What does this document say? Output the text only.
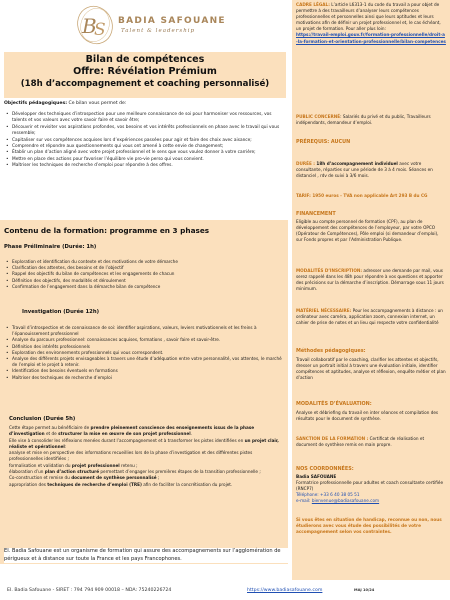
B
S BADIA SAFOUANE
Talent & leadership
Bilan de compétences
Offre: Révélation Prémium
(18h d’accompagnement et coaching personnalisé)
Objectifs pédagogiques: Ce bilan vous permet de:
• Développer des techniques d’introspection pour une meilleure connaissance de soi pour harmoniser vos ressources, vos talents et vos valeurs avec votre savoir faire et savoir être;
• Découvrir et revisiter vos aspirations profondes, vos besoins et vos intérêts professionnels en phase avec le travail qui vous ressemble;
• Capitaliser sur vos compétences acquises lors d’expériences passées pour agir et faire des choix avec aisance;
• Comprendre et répondre aux questionnements qui vous ont amené à cette envie de changement;
• Établir un plan d’action aligné avec votre projet professionnel et le sens que vous voulez donner à votre carrière;
• Mettre en place des actions pour favoriser l’équilibre vie pro-vie perso qui vous convient.
• Maîtriser les techniques de recherche d’emploi pour répondre à des offres.
Contenu de la formation: programme en 3 phases
Phase Préliminaire (Durée: 1h)
• Exploration et identification du contexte et des motivations de votre démarche
• Clarification des attentes, des besoins et de l’objectif
• Rappel des objectifs du bilan de compétences et les engagements de chacun
• Définition des objectifs, des modalités et déroulement
• Confirmation de l’engagement dans la démarche bilan de compétence
Investigation (Durée 12h)
• Travail d’introspection et de connaissance de soi: identifier aspirations, valeurs, leviers motivationnels et les freins à l’épanouissement professionnel
• Analyse du parcours professionnel: connaissances acquises, formations , savoir faire et savoir-être.
• Définition des intérêts professionnels
• Exploration des environnements professionnels qui vous correspondent.
• Analyse des différents projets envisageables à travers une étude d’adéquation entre votre personnalité, vos attentes, le marché de l’emploi et le projet à retenir.
• Identification des besoins éventuels en formations
• Maîtriser des techniques de recherche d’emploi
Conclusion (Durée 5h)
Cette étape permet au bénéficiaire de prendre pleinement conscience des enseignements issus de la phase d’investigation et de structurer la mise en œuvre de son projet professionnel.
Elle vise à consolider les réflexions menées durant l’accompagnement et à transformer les pistes identifiées en un projet clair, réaliste et opérationnel:
analyse et mise en perspective des informations recueillies lors de la phase d’investigation et des différentes pistes professionnelles identifiées ;
formalisation et validation du projet professionnel retenu ;
élaboration d’un plan d’action structuré permettant d’engager les premières étapes de la transition professionnelle ;
Co-construction et remise du document de synthèse personnalisé ;
appropriation des techniques de recherche d’emploi (TRE) afin de faciliter la concrétisation du projet.
EI. Badia Safouane est un organisme de formation qui assure des accompagnements sur l’agglomération de périgueux et à distance sur toute la France et les pays Francophones.
CADRE LÉGAL: L’article L6313-1 du code du travail a pour objet de permettre à des travailleurs d’analyser leurs compétences professionnelles et personnelles ainsi que leurs aptitudes et leurs motivations afin de définir un projet professionnel et, le cas échéant, un projet de formation. Pour aller plus loin:
https://travail-emploi.gouv.fr/formation-professionnelle/droit-a-la-formation-et-orientation-professionnelle/bilan-competences
PUBLIC CONCERNÉ: Salariés du privé et du public, Travailleurs indépendants, demandeur d’emploi.
PRÉREQUIS: AUCUN
DURÉE : 18h d’accompagnement individuel avec votre consultante, réparties sur une période de 3 à 4 mois. Séances en distanciel , rdv de suivi à 3/6 mois.
TARIF: 1950 euros - TVA non applicable Art 293 B du CG
FINANCEMENT
Eligible au compte personnel de formation (CPF), au plan de développement des compétences de l’employeur, par votre OPCO (Opérateur de Compétences), Pôle emploi (si demandeur d’emploi), sur Fonds propres et par l’Administration Publique.
MODALITÉS D’INSCRIPTION: adresser une demande par mail, vous serez rappelé dans les 48h pour répondre à vos questions et apporter des précisions sur la démarche d’inscription. Démarrage sous 11 jours minimum.
MATÉRIEL NÉCESSAIRE: Pour les accompagnements à distance : un ordinateur avec caméra, application zoom, connexion internet, un cahier de prise de notes et un lieu qui respecte votre confidentialité
Méthodes pédagogiques:
Travail collaboratif par le coaching, clarifier les attentes et objectifs, dresser un portrait initial à travers une évaluation initiale, identifier compétences et aptitudes, analyse et réflexion, enquête métier et plan d’action
MODALITÉS D’ÉVALUATION:
Analyse et débriefing du travail en inter séances et compilation des résultats pour le document de synthèse.
SANCTION DE LA FORMATION : Certificat de réalisation et document de synthèse remis en main propre.
NOS COORDONNÉES:
Badia SAFOUANE
Formatrice professionnelle pour adultes et coach consultante certifiée (RNCP7)
Téléphone: +33 6 40 38 05 51
e-mail: bienvenue@badiasafouane.com
Si vous êtes en situation de handicap, reconnue ou non, nous étudierons avec vous étude des possibilités de votre accompagnement selon vos contraintes.
EI. Badia Safouane - SIRET : 794 794 909 00018 – NDA: 75240226724	https://www.badiasafouane.com	MAJ 10/24
